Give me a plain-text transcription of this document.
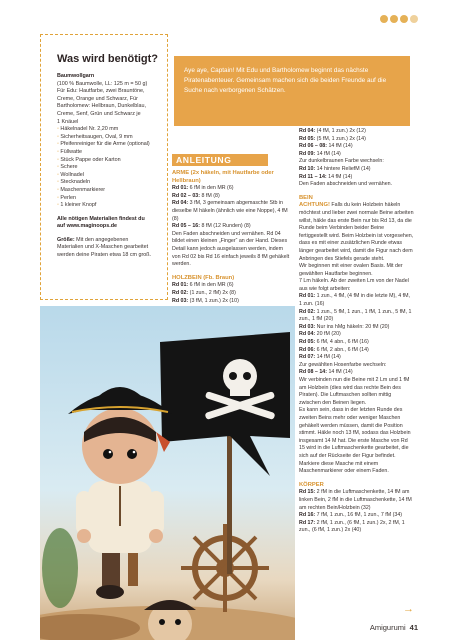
Was wird benötigt?

Baumwollgarn

(100 % Baumwolle, LL: 125 m = 50 g)

Für Edu: Hautfarbe, zwei Brauntöne,

Creme, Orange und Schwarz, Für

Bartholomew: Hellbraun, Dunkelblau,

Creme, Senf, Grün und Schwarz je

1 Knäuel

◦ Häkelnadel Nr. 2,20 mm
◦ Sicherheitsaugen, Oval, 9 mm
◦ Pfeifenreiniger für die Arme (optional)
◦ Füllwatte
◦ Stück Pappe oder Karton
◦ Schere
◦ Wollnadel
◦ Stecknadeln
◦ Maschenmarkierer
◦ Perlen
◦ 1 kleiner Knopf

Alle nötigen Materialien findest du

auf www.maginoops.de

Größe: Mit den angegebenen

Materialien und X-Maschen gearbeitet

werden deine Piraten etwa 18 cm groß.

Aye aye, Captain! Mit Edu und Bartholomew beginnt das nächste Piratenabenteuer. Gemeinsam machen sich die beiden Freunde auf die Suche nach verborgenen Schätzen.
ANLEITUNG

ARME (2x häkeln, mit Hautfarbe oder Hellbraun)

Rd 01: 6 fM in den MR (6)

Rd 02 – 03: 8 fM (8)

Rd 04: 3 fM, 3 gemeinsam abgemaschte Stb in dieselbe M häkeln (ähnlich wie eine Noppe), 4 fM (8)

Rd 05 – 16: 8 fM (12 Runden) (8)

Den Faden abschneiden und vernähen. Rd 04 bildet einen kleinen „Finger“ an der Hand. Dieses Detail kann jedoch ausgelassen werden, indem von Rd 02 bis Rd 16 einfach jeweils 8 fM gehäkelt werden.

HOLZBEIN (Fb. Braun)

Rd 01: 6 fM in den MR (6)

Rd 02: (1 zun., 2 fM) 2x (8)

Rd 03: (3 fM, 1 zun.) 2x (10)

Rd 04: (4 fM, 1 zun.) 2x (12)

Rd 05: (5 fM, 1 zun.) 2x (14)

Rd 06 – 08: 14 fM (14)

Rd 09: 14 fM (14)

Zur dunkelbraunen Farbe wechseln:

Rd 10: 14 hintere ReliefM (14)

Rd 11 – 14: 14 fM (14)

Den Faden abschneiden und vernähen.

BEIN

ACHTUNG! Falls du kein Holzbein häkeln möchtest und lieber zwei normale Beine arbeiten willst, häkle das erste Bein nur bis Rd 13, da die Runde beim Verbinden beider Beine fertiggestellt wird. Beim Holzbein ist vorgesehen, dass es mit einer zusätzlichen Runde etwas länger gearbeitet wird, damit die Figur nach dem Anbringen des Stiefels gerade steht.

Wir beginnen mit einer ovalen Basis. Mit der gewählten Hautfarbe beginnen.

7 Lm häkeln. Ab der zweiten Lm von der Nadel aus wie folgt arbeiten:

Rd 01: 1 zun., 4 fM, (4 fM in die letzte M), 4 fM, 1 zun. (16)

Rd 02: 1 zun., 5 fM, 1 zun., 1 fM, 1 zun., 5 fM, 1 zun., 1 fM (20)

Rd 03: Nur ins hMg häkeln: 20 fM (20)

Rd 04: 20 fM (20)

Rd 05: 6 fM, 4 abn., 6 fM (16)

Rd 06: 6 fM, 2 abn., 6 fM (14)

Rd 07: 14 fM (14)

Zur gewählten Hosenfarbe wechseln:

Rd 08 – 14: 14 fM (14)

Wir verbinden nun die Beine mit 2 Lm und 1 fM am Holzbein (dies wird das rechte Bein des Piraten). Die Luftmaschen sollten mittig zwischen den Beinen liegen.

Es kann sein, dass in der letzten Runde des zweiten Beins mehr oder weniger Maschen gehäkelt werden müssen, damit die Position stimmt. Häkle noch 13 fM, sodass das Holzbein insgesamt 14 M hat. Die erste Masche von Rd 15 wird in die Luftmaschenkette gearbeitet, die sich auf der Rückseite der Figur befindet. Markiere diese Masche mit einem Maschenmarkierer oder einem Faden.

KÖRPER

Rd 15: 2 fM in die Luftmaschenkette, 14 fM am linken Bein, 2 fM in die Luftmaschenkette, 14 fM am rechten Bein/Holzbein (32)

Rd 16: 7 fM, 1 zun., 16 fM, 1 zun., 7 fM (34)

Rd 17: 2 fM, 1 zun., (6 fM, 1 zun.) 2x, 2 fM, 1 zun., (6 fM, 1 zun.) 2x (40)

→
Amigurumi 41
